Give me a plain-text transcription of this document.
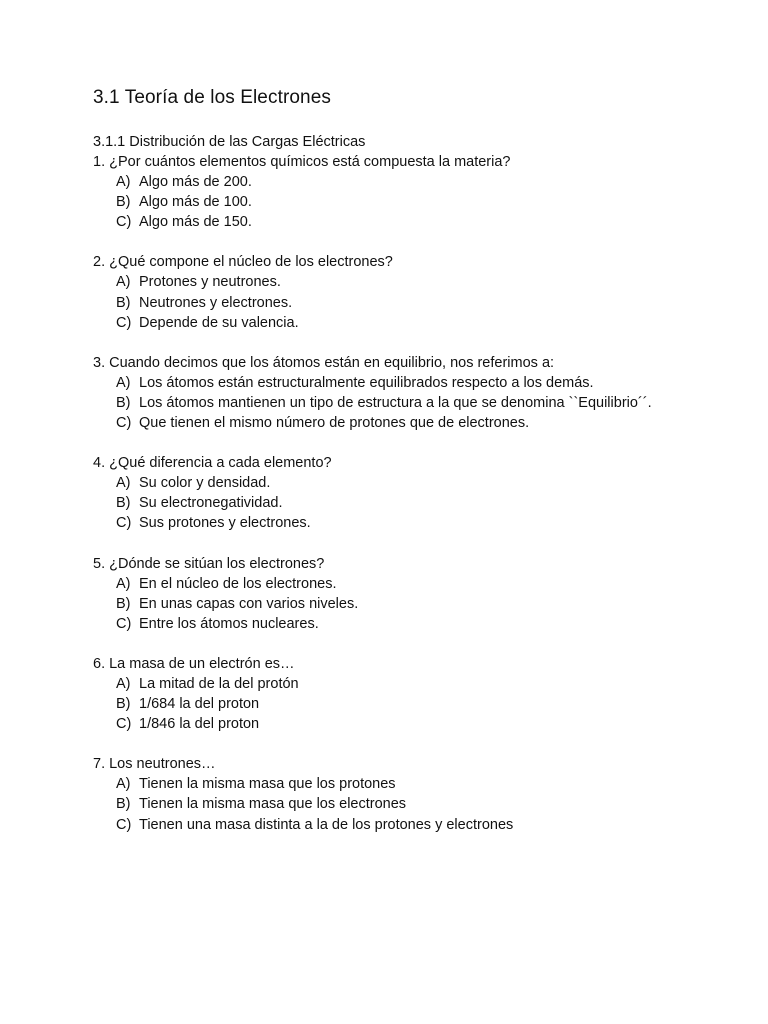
3.1 Teoría de los Electrones
3.1.1 Distribución de las Cargas Eléctricas
1. ¿Por cuántos elementos químicos está compuesta la materia?
A) Algo más de 200.
B) Algo más de 100.
C) Algo más de 150.
2. ¿Qué compone el núcleo de los electrones?
A) Protones y neutrones.
B) Neutrones y electrones.
C) Depende de su valencia.
3. Cuando decimos que los átomos están en equilibrio, nos referimos a:
A) Los átomos están estructuralmente equilibrados respecto a los demás.
B) Los átomos mantienen un tipo de estructura a la que se denomina ``Equilibrio´´.
C) Que tienen el mismo número de protones que de electrones.
4. ¿Qué diferencia a cada elemento?
A) Su color y densidad.
B) Su electronegatividad.
C) Sus protones y electrones.
5. ¿Dónde se sitúan los electrones?
A) En el núcleo de los electrones.
B) En unas capas con varios niveles.
C) Entre los átomos nucleares.
6. La masa de un electrón es…
A) La mitad de la del protón
B) 1/684 la del proton
C) 1/846 la del proton
7. Los neutrones…
A) Tienen la misma masa que los protones
B) Tienen la misma masa que los electrones
C) Tienen una masa distinta a la de los protones y electrones
